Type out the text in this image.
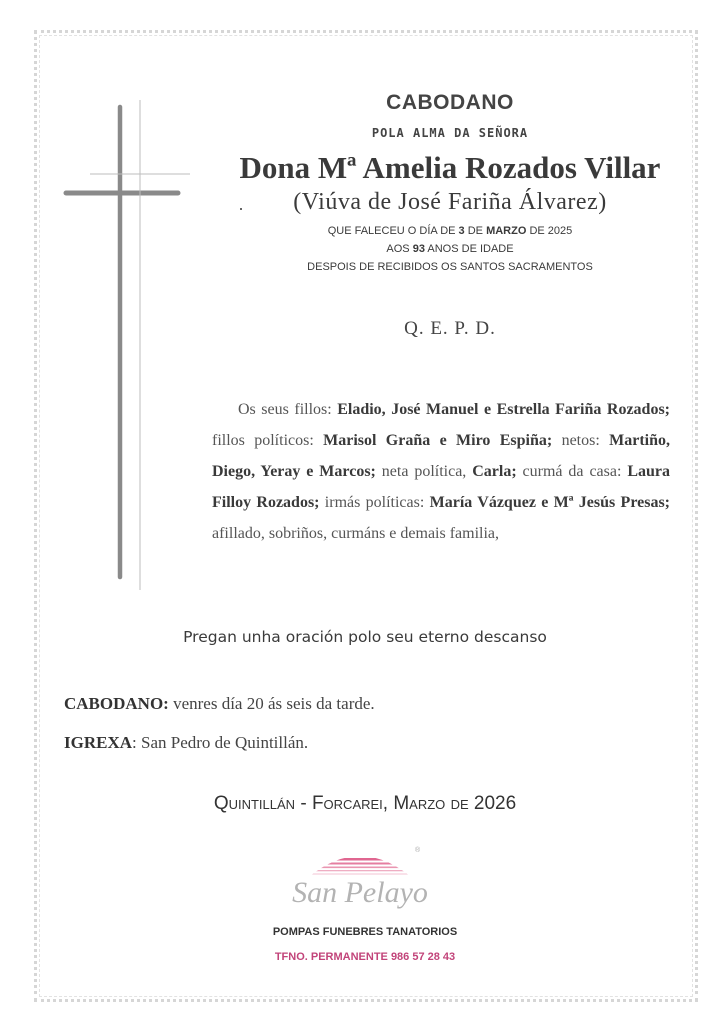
CABODANO
POLA ALMA DA SEÑORA
Dona Mª Amelia Rozados Villar
(Viúva de José Fariña Álvarez)
QUE FALECEU O DÍA DE 3 DE MARZO DE 2025
AOS 93 ANOS DE IDADE
DESPOIS DE RECIBIDOS OS SANTOS SACRAMENTOS
Q. E. P. D.
Os seus fillos: Eladio, José Manuel e Estrella Fariña Rozados; fillos políticos: Marisol Graña e Miro Espiña; netos: Martiño, Diego, Yeray e Marcos; neta política, Carla; curmá da casa: Laura Filloy Rozados; irmás políticas: María Vázquez e Mª Jesús Presas; afillado, sobriños, curmáns e demais familia,
Pregan unha oración polo seu eterno descanso
CABODANO: venres día 20 ás seis da tarde.
IGREXA: San Pedro de Quintillán.
Quintillán - Forcarei, Marzo de 2026
®
San Pelayo
POMPAS FUNEBRES TANATORIOS
TFNO. PERMANENTE 986 57 28 43
